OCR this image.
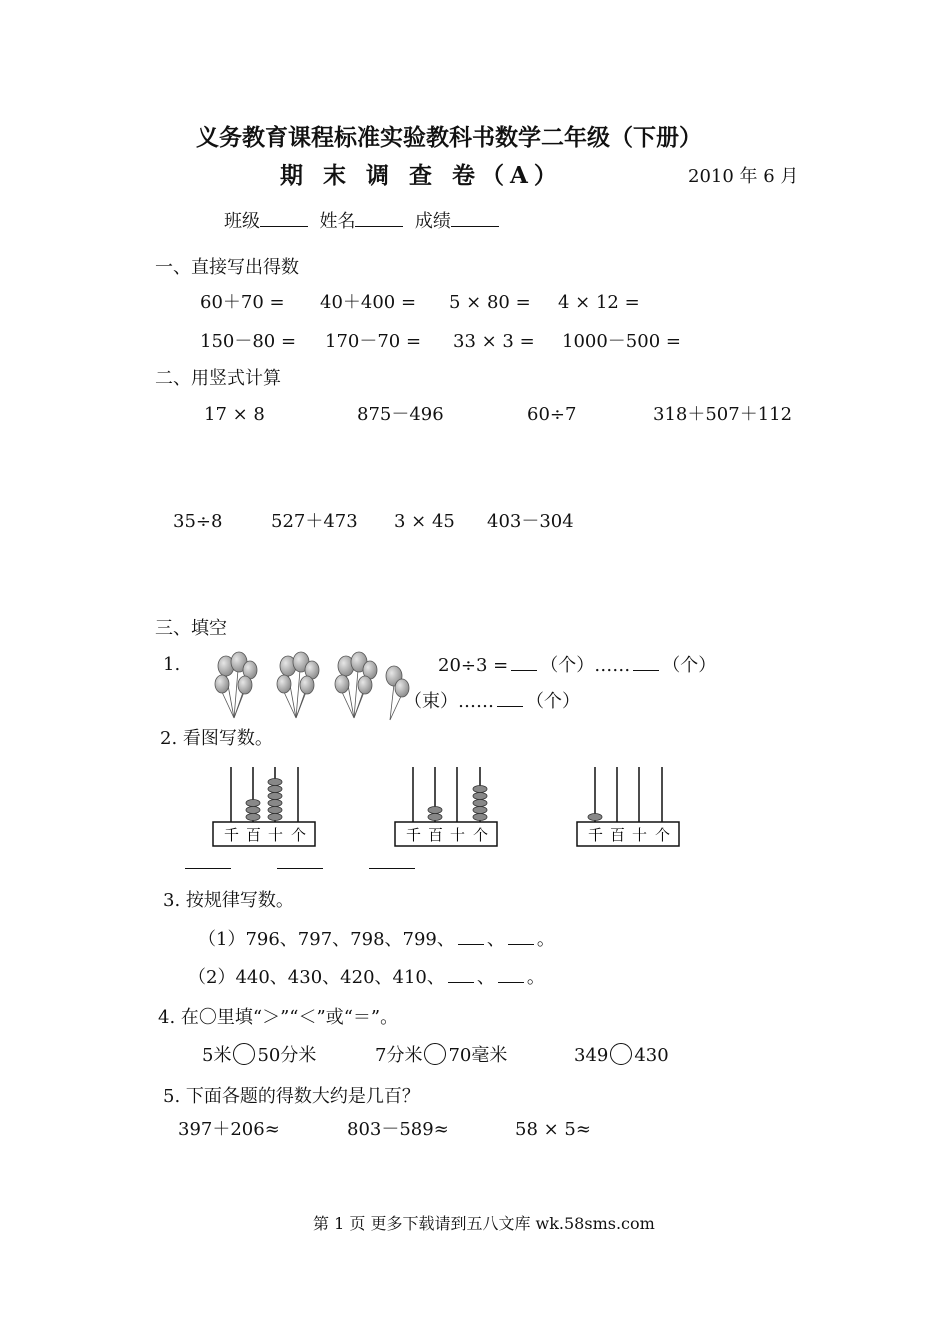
义务教育课程标准实验教科书数学二年级（下册）
期 末 调 查 卷（A）	2010 年 6 月
班级	姓名	成绩
一、直接写出得数
60＋70 = 40＋400 = 5 × 80 = 4 × 12 =
150－80 = 170－70 = 33 × 3 = 1000－500 =
二、用竖式计算
17 × 8	875－496	60÷7	318＋507＋112
35÷8	527＋473 3 × 45 403－304
三、填空
1.	20÷3 = （个）…… （个）
（束）…… （个）
2. 看图写数。
千 百 十 个	千 百 十 个	千 百 十 个
3. 按规律写数。
（1）796、797、798、799、 、 。
（2）440、430、420、410、 、 。
4. 在〇里填“＞”“＜”或“＝”。
5米 50分米	7分米 70毫米	349 430
5. 下面各题的得数大约是几百？
397＋206≈	803－589≈	58 × 5≈
第 1 页 更多下载请到五八文库 wk.58sms.com
